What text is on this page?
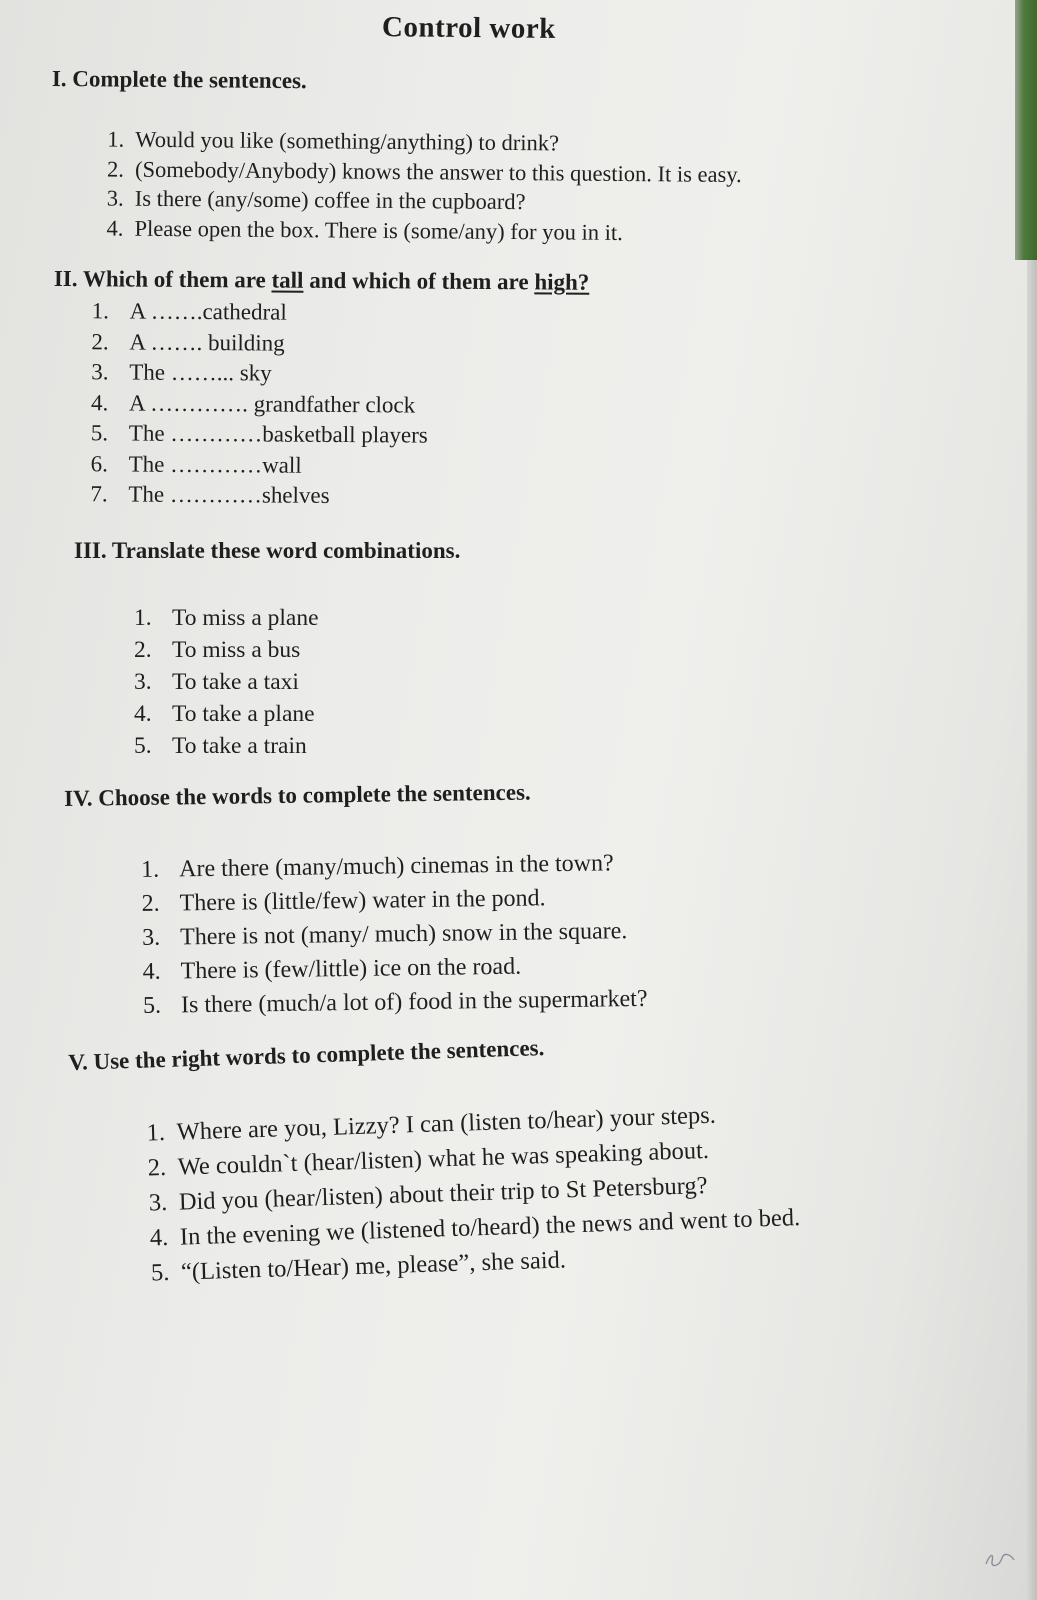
Control work
I. Complete the sentences.
1. Would you like (something/anything) to drink?
2. (Somebody/Anybody) knows the answer to this question. It is easy.
3. Is there (any/some) coffee in the cupboard?
4. Please open the box. There is (some/any) for you in it.
II. Which of them are tall and which of them are high?
1. A …….cathedral
2. A ……. building
3. The ……... sky
4. A …………. grandfather clock
5. The …………basketball players
6. The …………wall
7. The …………shelves
III. Translate these word combinations.
1. To miss a plane
2. To miss a bus
3. To take a taxi
4. To take a plane
5. To take a train
IV. Choose the words to complete the sentences.
1. Are there (many/much) cinemas in the town?
2. There is (little/few) water in the pond.
3. There is not (many/ much) snow in the square.
4. There is (few/little) ice on the road.
5. Is there (much/a lot of) food in the supermarket?
V. Use the right words to complete the sentences.
1. Where are you, Lizzy? I can (listen to/hear) your steps.
2. We couldn`t (hear/listen) what he was speaking about.
3. Did you (hear/listen) about their trip to St Petersburg?
4. In the evening we (listened to/heard) the news and went to bed.
5. “(Listen to/Hear) me, please”, she said.
